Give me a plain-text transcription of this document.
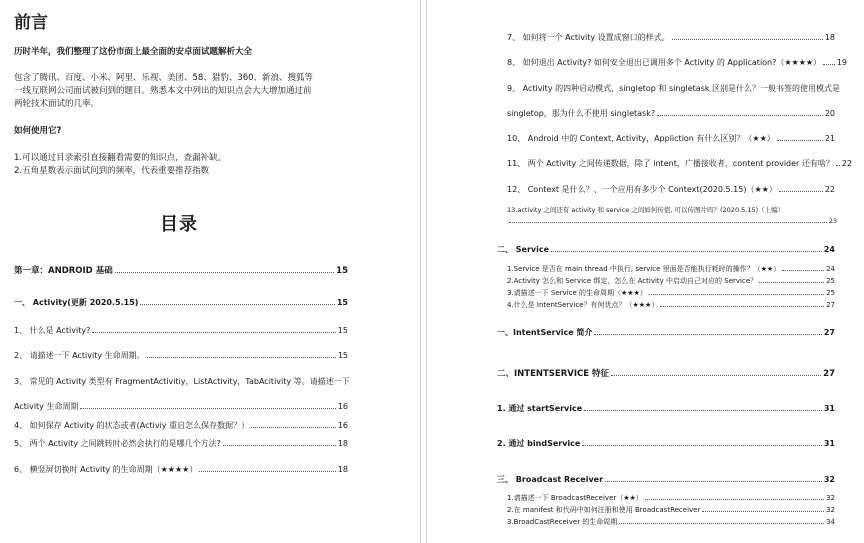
前言
历时半年，我们整理了这份市面上最全面的安卓面试题解析大全
包含了腾讯、百度、小米、阿里、乐视、美团、58、猎豹、360、新浪、搜狐等
一线互联网公司面试被问到的题目。熟悉本文中列出的知识点会大大增加通过前
两轮技术面试的几率。
如何使用它?
1.可以通过目录索引直接翻看需要的知识点，查漏补缺。
2.五角星数表示面试问到的频率，代表重要推荐指数
目录
第一章：ANDROID 基础	15
一、 Activity(更新 2020.5.15)	15
1、 什么是 Activity?	15
2、 请描述一下 Activity 生命周期。	15
3、 常见的 Activity 类型有 FragmentActivitiy，ListActivity，TabAcitivity 等。请描述一下
Activity 生命周期	16
4、 如何保存 Activity 的状态或者(Activiy 重启怎么保存数据？）	16
5、 两个 Activity 之间跳转时必然会执行的是哪几个方法?	18
6、 横竖屏切换时 Activity 的生命周期（★★★★）	18
7、 如何将一个 Activity 设置成窗口的样式。	18
8、 如何退出 Activity? 如何安全退出已调用多个 Activity 的 Application?（★★★★） 19
9、 Activity 的四种启动模式，singletop 和 singletask 区别是什么？一般书签的使用模式是
singletop，那为什么不使用 singletask?	20
10、 Android 中的 Context, Activity，Appliction 有什么区别？（★★）	21
11、 两个 Activity 之间传递数据，除了 intent，广播接收者，content provider 还有啥？ 22
12、 Context 是什么？、一个应用有多少个 Context(2020.5.15)（★★）	22
13.activity 之间还有 activity 和 service 之间如何传值, 可以传图片吗？(2020.5.15)（上编）
23
二、 Service	24
1.Service 是否在 main thread 中执行, service 里面是否能执行耗时的操作？（★★）	24
2.Activity 怎么和 Service 绑定，怎么在 Activity 中启动自己对应的 Service？	25
3.请描述一下 Service 的生命周期（★★★）	25
4.什么是 IntentService？有何优点？（★★★）	27
一、IntentService 简介	27
二、INTENTSERVICE 特征	27
1. 通过 startService	31
2. 通过 bindService	31
三、 Broadcast Receiver	32
1.请描述一下 BroadcastReceiver（★★）	32
2.在 manifest 和代码中如何注册和使用 BroadcastReceiver	32
3.BroadCastReceiver 的生命周期	34
